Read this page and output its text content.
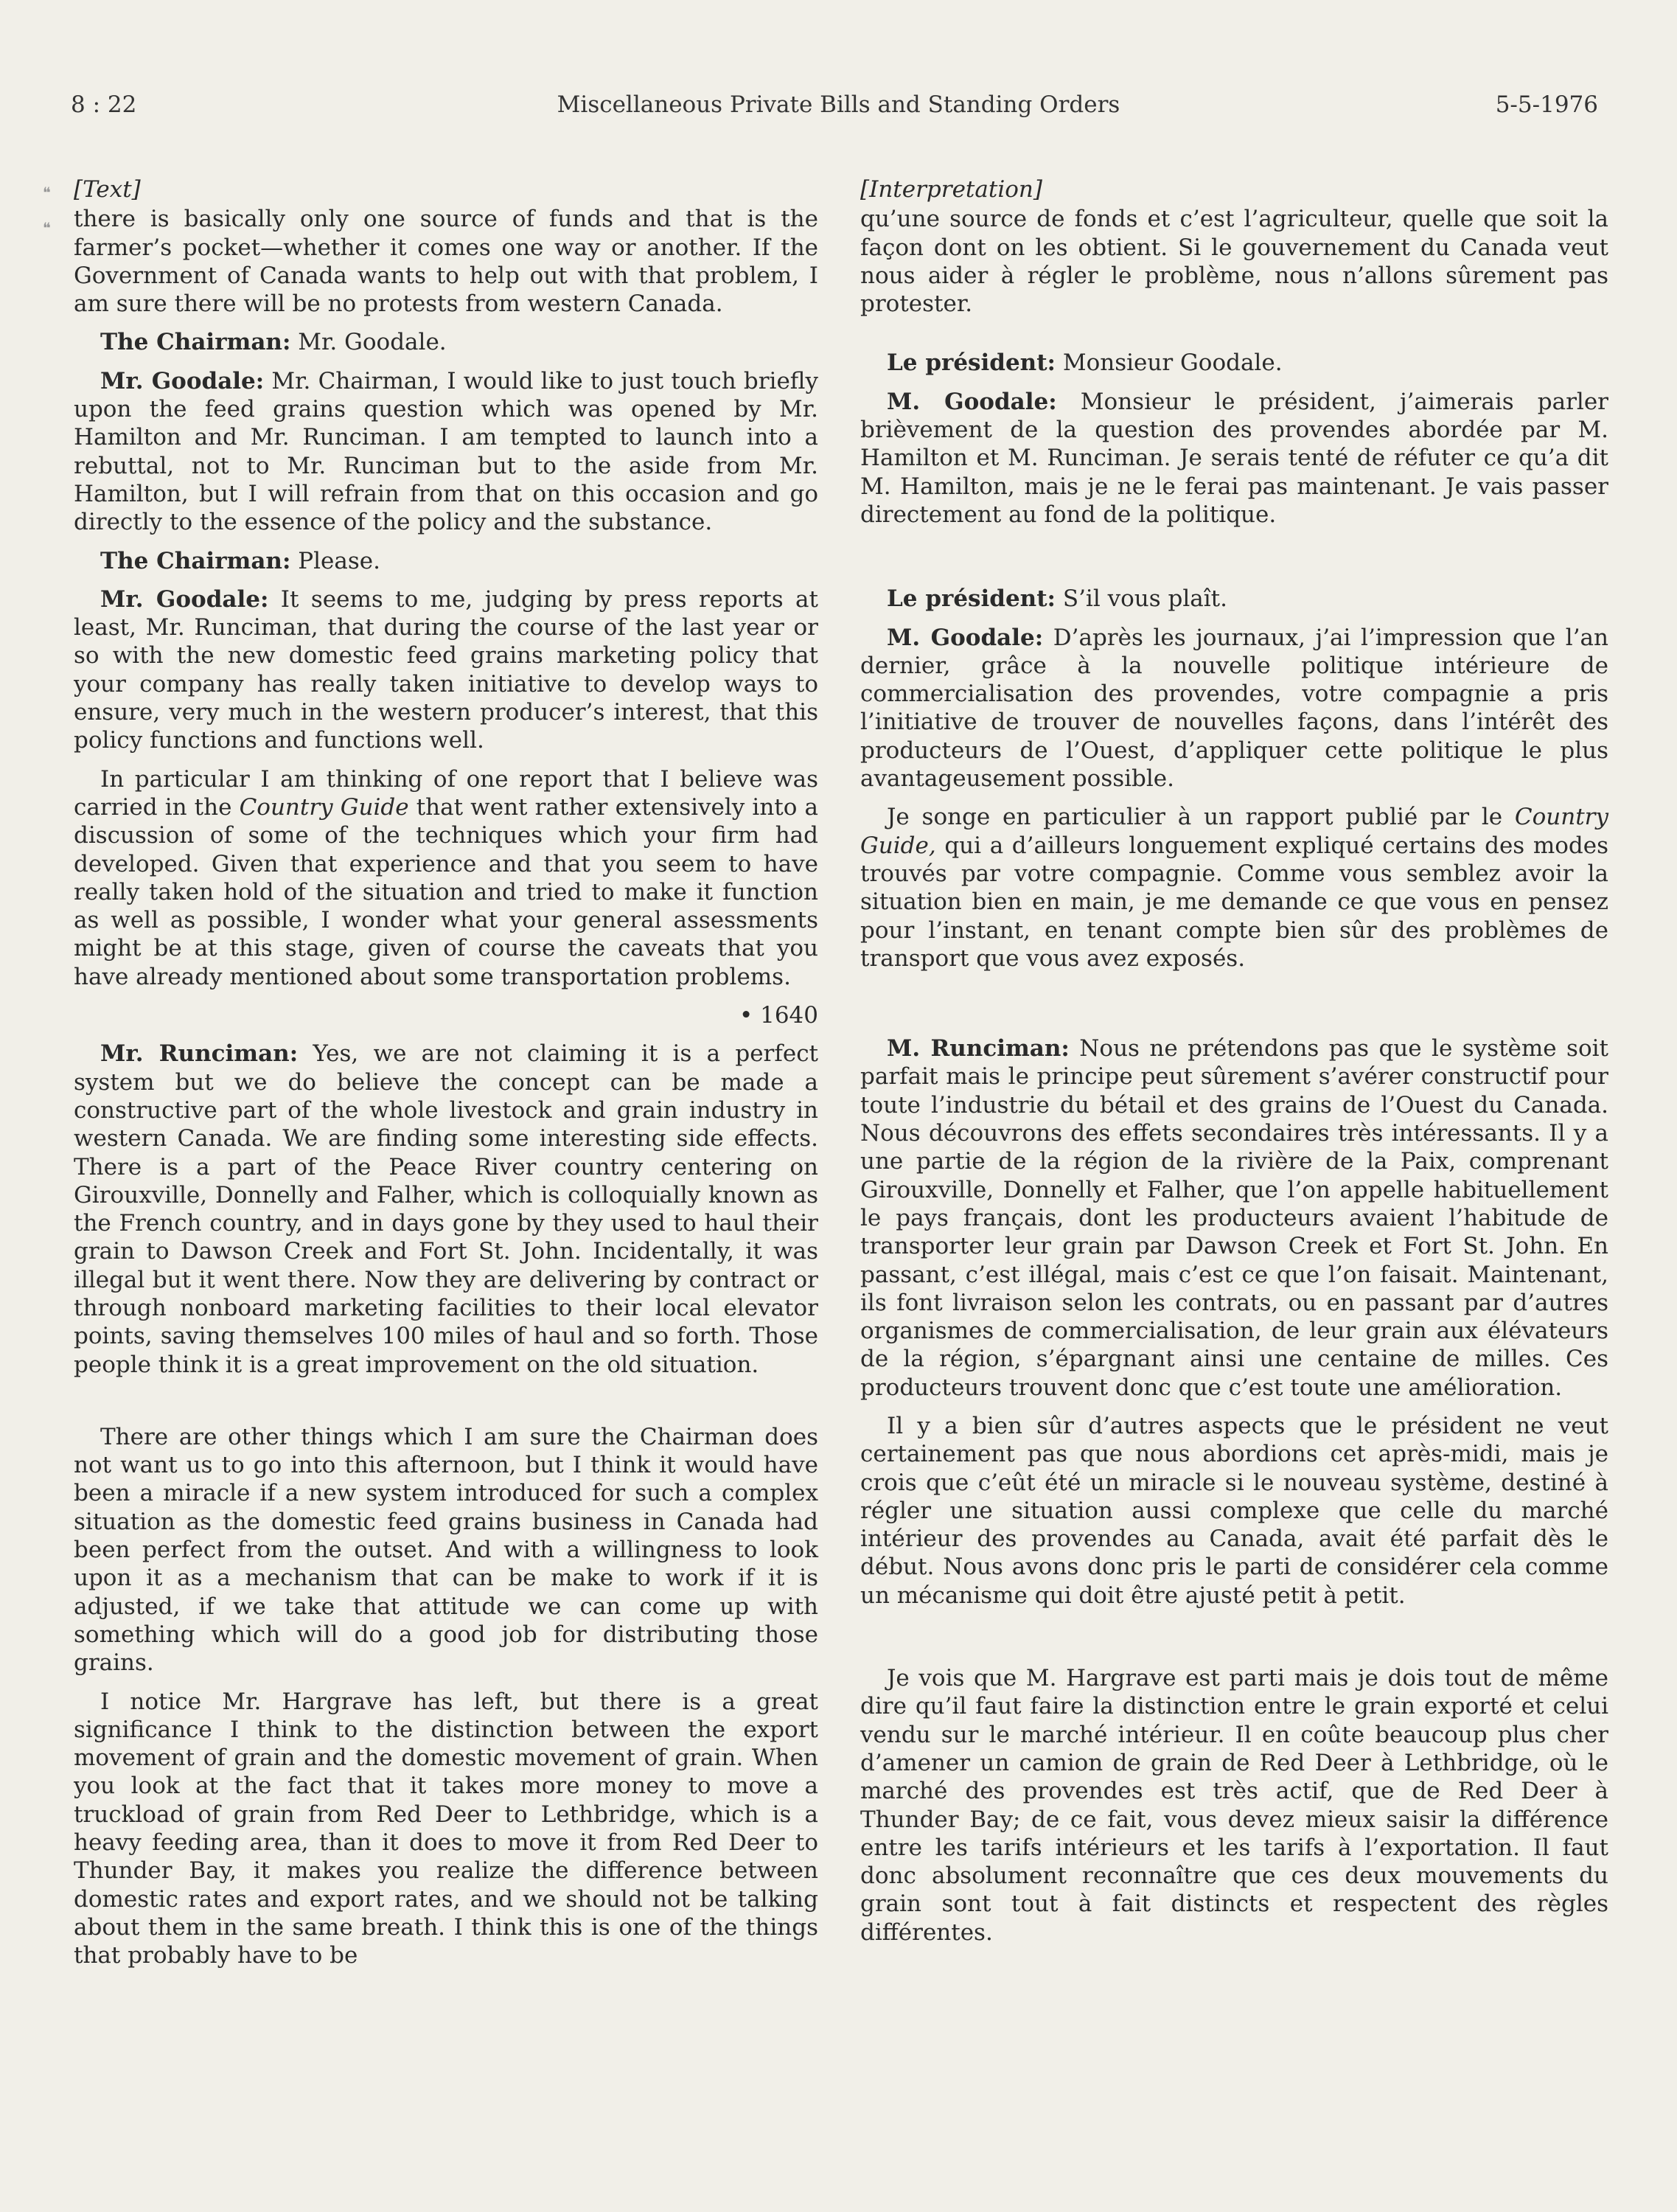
8 : 22	Miscellaneous Private Bills and Standing Orders	5-5-1976
❝
❝

[Text]

there is basically only one source of funds and that is the farmer’s pocket—whether it comes one way or another. If the Government of Canada wants to help out with that problem, I am sure there will be no protests from western Canada.

The Chairman: Mr. Goodale.

Mr. Goodale: Mr. Chairman, I would like to just touch briefly upon the feed grains question which was opened by Mr. Hamilton and Mr. Runciman. I am tempted to launch into a rebuttal, not to Mr. Runciman but to the aside from Mr. Hamilton, but I will refrain from that on this occasion and go directly to the essence of the policy and the substance.

The Chairman: Please.

Mr. Goodale: It seems to me, judging by press reports at least, Mr. Runciman, that during the course of the last year or so with the new domestic feed grains marketing policy that your company has really taken initiative to develop ways to ensure, very much in the western producer’s interest, that this policy functions and functions well.

In particular I am thinking of one report that I believe was carried in the Country Guide that went rather extensively into a discussion of some of the techniques which your firm had developed. Given that experience and that you seem to have really taken hold of the situation and tried to make it function as well as possible, I wonder what your general assessments might be at this stage, given of course the caveats that you have already mentioned about some transportation problems.

• 1640

Mr. Runciman: Yes, we are not claiming it is a perfect system but we do believe the concept can be made a constructive part of the whole livestock and grain industry in western Canada. We are finding some interesting side effects. There is a part of the Peace River country centering on Girouxville, Donnelly and Falher, which is colloquially known as the French country, and in days gone by they used to haul their grain to Dawson Creek and Fort St. John. Incidentally, it was illegal but it went there. Now they are delivering by contract or through nonboard marketing facilities to their local elevator points, saving themselves 100 miles of haul and so forth. Those people think it is a great improvement on the old situation.

There are other things which I am sure the Chairman does not want us to go into this afternoon, but I think it would have been a miracle if a new system introduced for such a complex situation as the domestic feed grains business in Canada had been perfect from the outset. And with a willingness to look upon it as a mechanism that can be make to work if it is adjusted, if we take that attitude we can come up with something which will do a good job for distributing those grains.

I notice Mr. Hargrave has left, but there is a great significance I think to the distinction between the export movement of grain and the domestic movement of grain. When you look at the fact that it takes more money to move a truckload of grain from Red Deer to Lethbridge, which is a heavy feeding area, than it does to move it from Red Deer to Thunder Bay, it makes you realize the difference between domestic rates and export rates, and we should not be talking about them in the same breath. I think this is one of the things that probably have to be

[Interpretation]

qu’une source de fonds et c’est l’agriculteur, quelle que soit la façon dont on les obtient. Si le gouvernement du Canada veut nous aider à régler le problème, nous n’allons sûrement pas protester.

Le président: Monsieur Goodale.

M. Goodale: Monsieur le président, j’aimerais parler brièvement de la question des provendes abordée par M. Hamilton et M. Runciman. Je serais tenté de réfuter ce qu’a dit M. Hamilton, mais je ne le ferai pas maintenant. Je vais passer directement au fond de la politique.

Le président: S’il vous plaît.

M. Goodale: D’après les journaux, j’ai l’impression que l’an dernier, grâce à la nouvelle politique intérieure de commercialisation des provendes, votre compagnie a pris l’initiative de trouver de nouvelles façons, dans l’intérêt des producteurs de l’Ouest, d’appliquer cette politique le plus avantageusement possible.

Je songe en particulier à un rapport publié par le Country Guide, qui a d’ailleurs longuement expliqué certains des modes trouvés par votre compagnie. Comme vous semblez avoir la situation bien en main, je me demande ce que vous en pensez pour l’instant, en tenant compte bien sûr des problèmes de transport que vous avez exposés.

M. Runciman: Nous ne prétendons pas que le système soit parfait mais le principe peut sûrement s’avérer constructif pour toute l’industrie du bétail et des grains de l’Ouest du Canada. Nous découvrons des effets secondaires très intéressants. Il y a une partie de la région de la rivière de la Paix, comprenant Girouxville, Donnelly et Falher, que l’on appelle habituellement le pays français, dont les producteurs avaient l’habitude de transporter leur grain par Dawson Creek et Fort St. John. En passant, c’est illégal, mais c’est ce que l’on faisait. Maintenant, ils font livraison selon les contrats, ou en passant par d’autres organismes de commercialisation, de leur grain aux élévateurs de la région, s’épargnant ainsi une centaine de milles. Ces producteurs trouvent donc que c’est toute une amélioration.

Il y a bien sûr d’autres aspects que le président ne veut certainement pas que nous abordions cet après-midi, mais je crois que c’eût été un miracle si le nouveau système, destiné à régler une situation aussi complexe que celle du marché intérieur des provendes au Canada, avait été parfait dès le début. Nous avons donc pris le parti de considérer cela comme un mécanisme qui doit être ajusté petit à petit.

Je vois que M. Hargrave est parti mais je dois tout de même dire qu’il faut faire la distinction entre le grain exporté et celui vendu sur le marché intérieur. Il en coûte beaucoup plus cher d’amener un camion de grain de Red Deer à Lethbridge, où le marché des provendes est très actif, que de Red Deer à Thunder Bay; de ce fait, vous devez mieux saisir la différence entre les tarifs intérieurs et les tarifs à l’exportation. Il faut donc absolument reconnaître que ces deux mouvements du grain sont tout à fait distincts et respectent des règles différentes.
